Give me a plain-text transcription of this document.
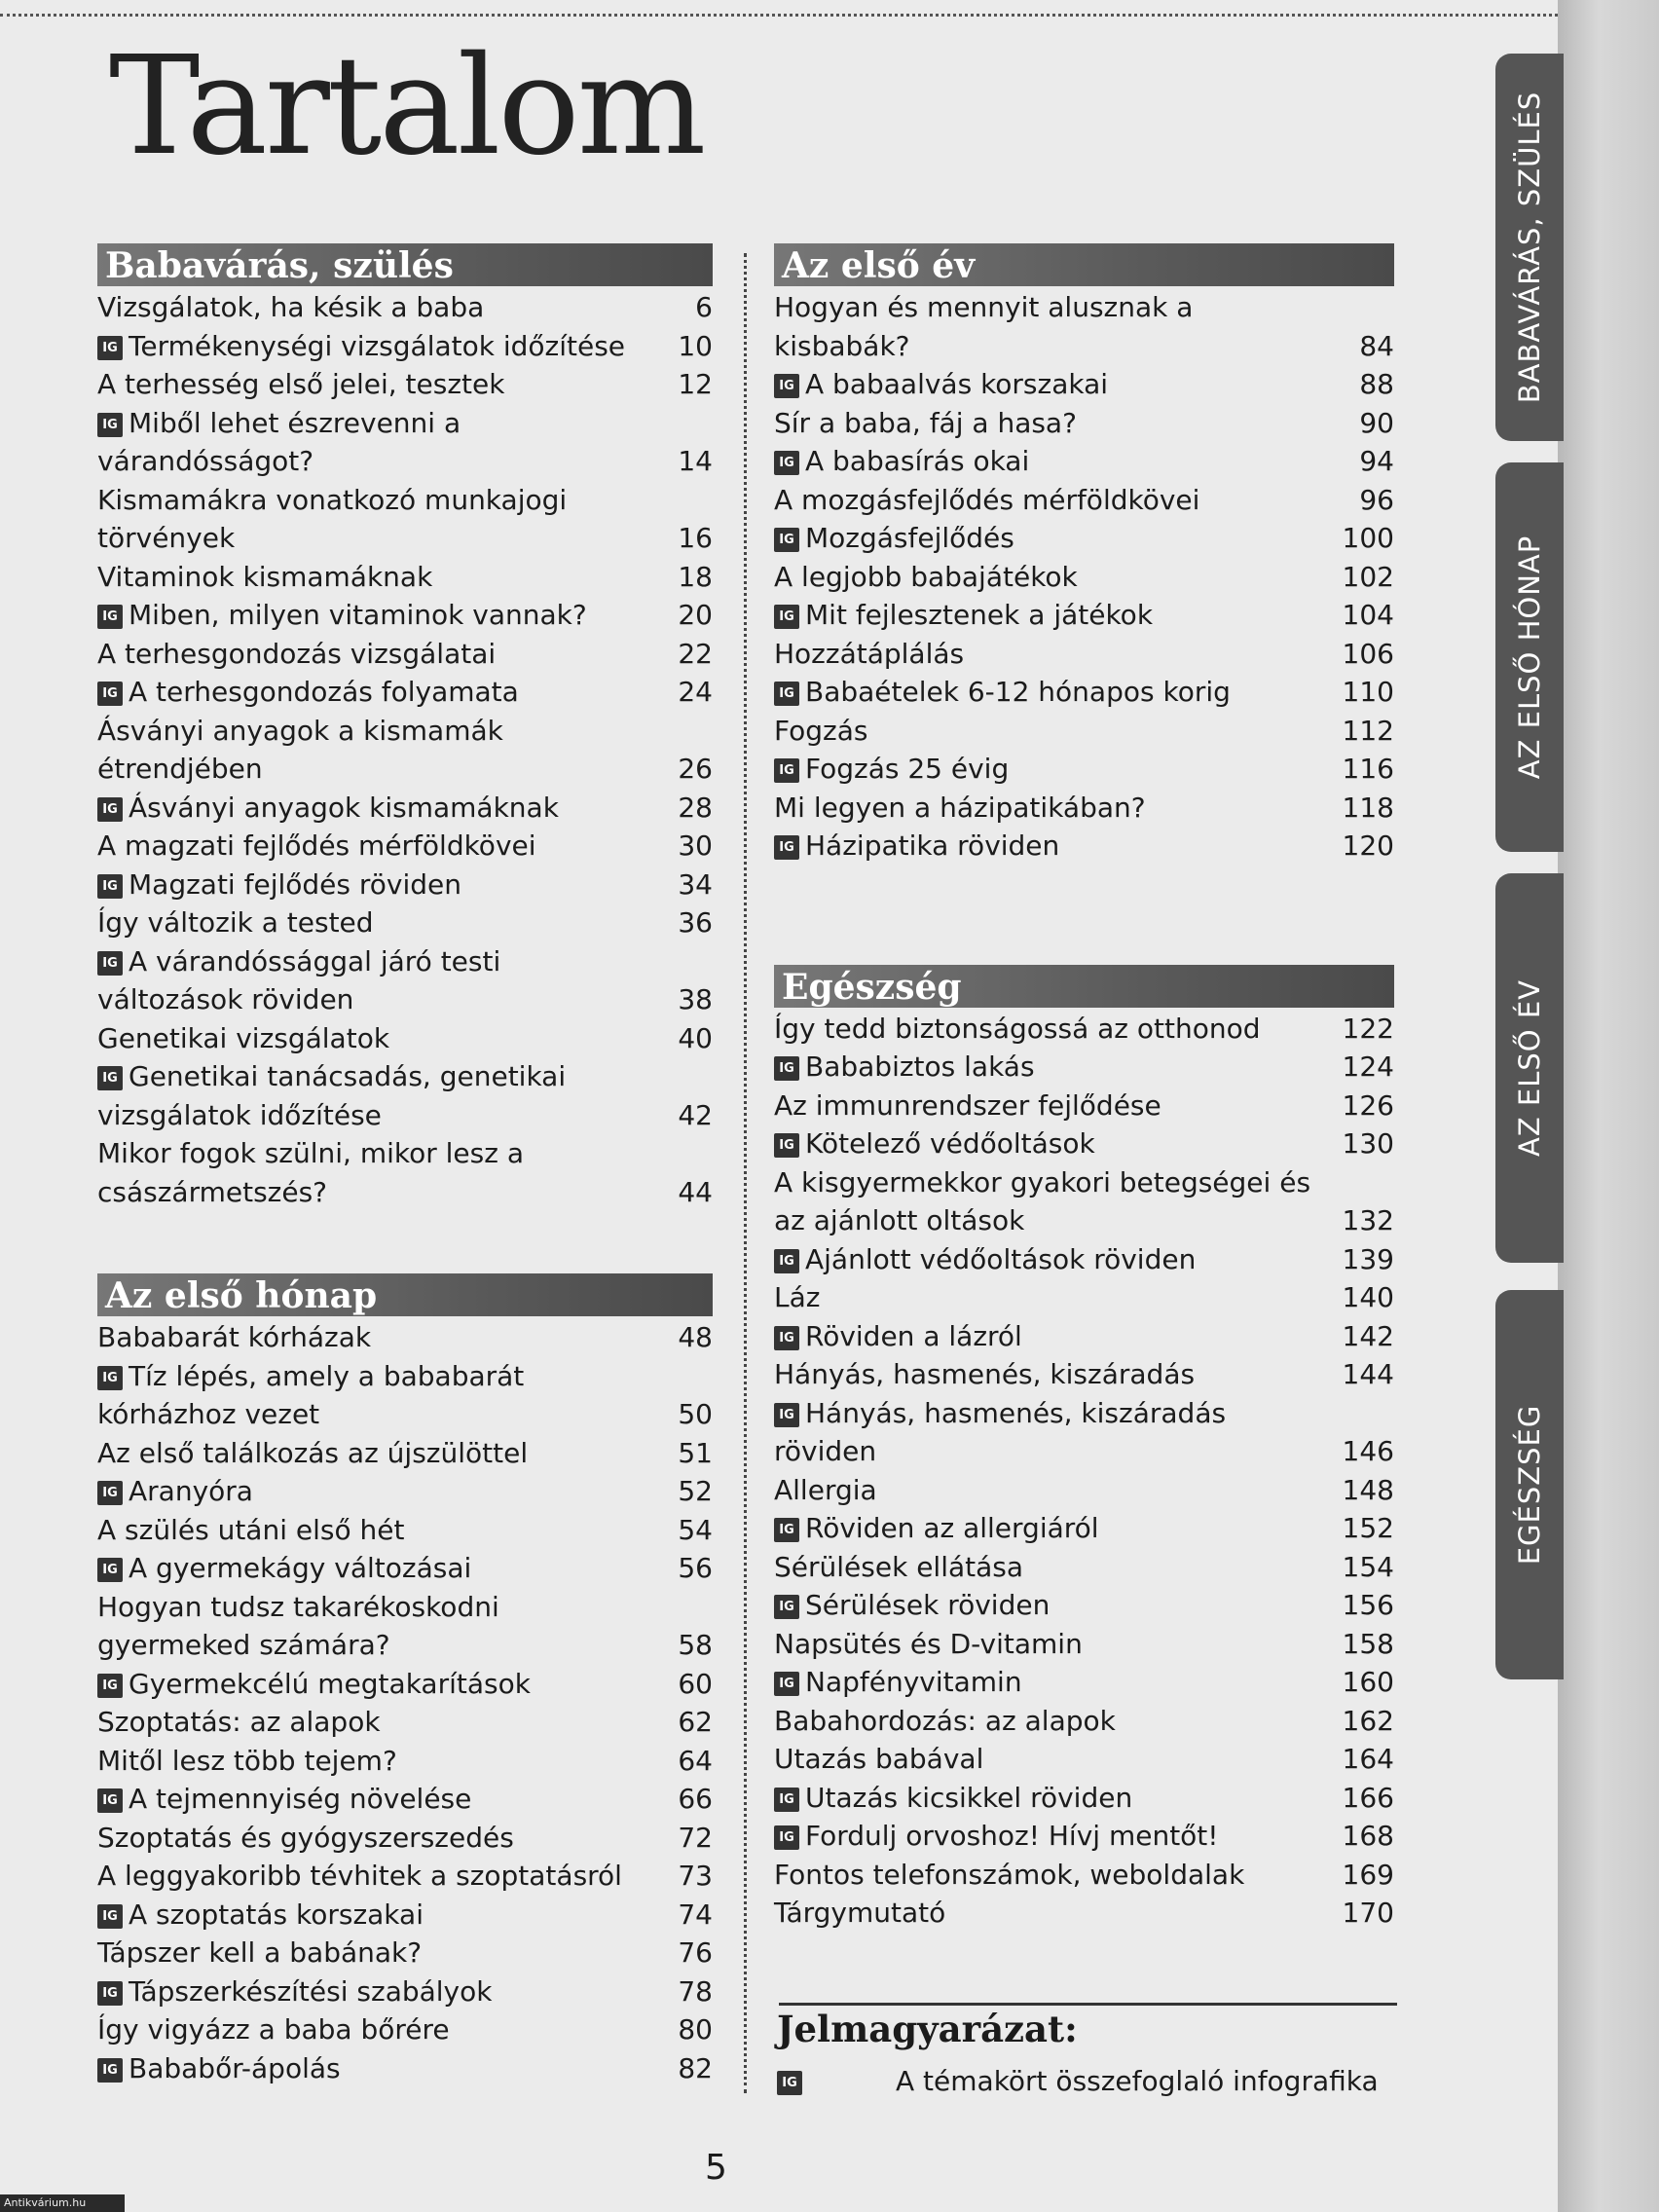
Tartalom
Babavárás, szülés
Vizsgálatok, ha késik a baba	6
IG Termékenységi vizsgálatok időzítése	10
A terhesség első jelei, tesztek	12
IG Miből lehet észrevenni a várandósságot?	14
Kismamákra vonatkozó munkajogi törvények	16
Vitaminok kismamáknak	18
IG Miben, milyen vitaminok vannak?	20
A terhesgondozás vizsgálatai	22
IG A terhesgondozás folyamata	24
Ásványi anyagok a kismamák étrendjében	26
IG Ásványi anyagok kismamáknak	28
A magzati fejlődés mérföldkövei	30
IG Magzati fejlődés röviden	34
Így változik a tested	36
IG A várandóssággal járó testi változások röviden	38
Genetikai vizsgálatok	40
IG Genetikai tanácsadás, genetikai vizsgálatok időzítése	42
Mikor fogok szülni, mikor lesz a császármetszés?	44
Az első hónap
Bababarát kórházak	48
IG Tíz lépés, amely a bababarát kórházhoz vezet	50
Az első találkozás az újszülöttel	51
IG Aranyóra	52
A szülés utáni első hét	54
IG A gyermekágy változásai	56
Hogyan tudsz takarékoskodni gyermeked számára?	58
IG Gyermekcélú megtakarítások	60
Szoptatás: az alapok	62
Mitől lesz több tejem?	64
IG A tejmennyiség növelése	66
Szoptatás és gyógyszerszedés	72
A leggyakoribb tévhitek a szoptatásról	73
IG A szoptatás korszakai	74
Tápszer kell a babának?	76
IG Tápszerkészítési szabályok	78
Így vigyázz a baba bőrére	80
IG Bababőr-ápolás	82
Az első év
Hogyan és mennyit alusznak a kisbabák?	84
IG A babaalvás korszakai	88
Sír a baba, fáj a hasa?	90
IG A babasírás okai	94
A mozgásfejlődés mérföldkövei	96
IG Mozgásfejlődés	100
A legjobb babajátékok	102
IG Mit fejlesztenek a játékok	104
Hozzátáplálás	106
IG Babaételek 6-12 hónapos korig	110
Fogzás	112
IG Fogzás 25 évig	116
Mi legyen a házipatikában?	118
IG Házipatika röviden	120
Egészség
Így tedd biztonságossá az otthonod	122
IG Bababiztos lakás	124
Az immunrendszer fejlődése	126
IG Kötelező védőoltások	130
A kisgyermekkor gyakori betegségei és az ajánlott oltások	132
IG Ajánlott védőoltások röviden	139
Láz	140
IG Röviden a lázról	142
Hányás, hasmenés, kiszáradás	144
IG Hányás, hasmenés, kiszáradás röviden	146
Allergia	148
IG Röviden az allergiáról	152
Sérülések ellátása	154
IG Sérülések röviden	156
Napsütés és D-vitamin	158
IG Napfényvitamin	160
Babahordozás: az alapok	162
Utazás babával	164
IG Utazás kicsikkel röviden	166
IG Fordulj orvoshoz! Hívj mentőt!	168
Fontos telefonszámok, weboldalak	169
Tárgymutató	170
Jelmagyarázat:
IG	A témakört összefoglaló infografika
5
Antikvárium.hu
BABAVÁRÁS, SZÜLÉS
AZ ELSŐ HÓNAP
AZ ELSŐ ÉV
EGÉSZSÉG
